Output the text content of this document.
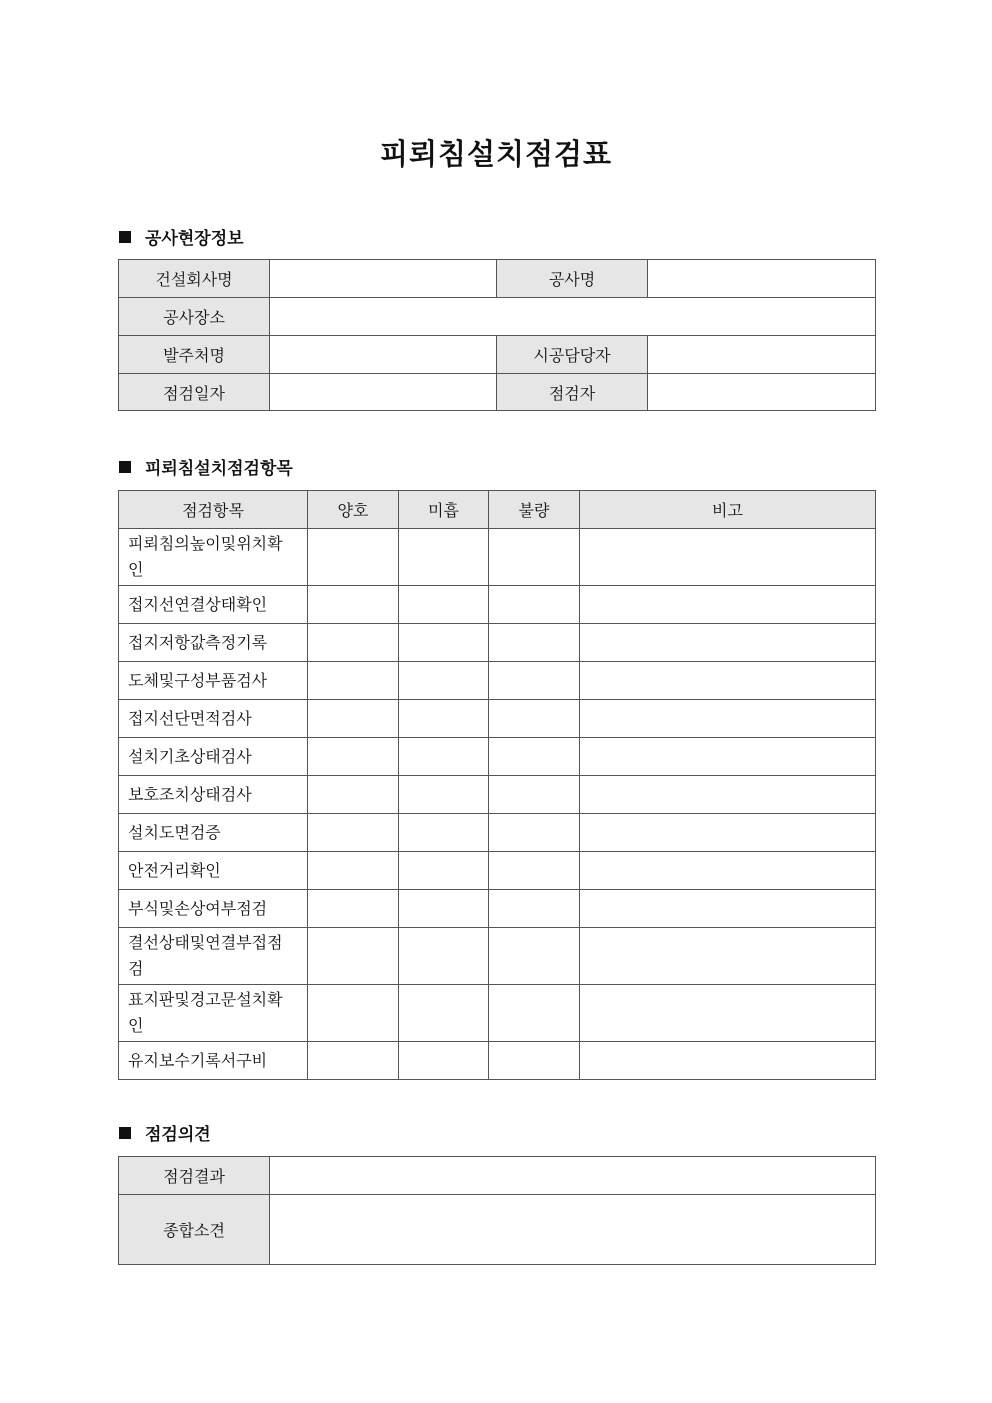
피뢰침설치점검표
공사현장정보
건설회사명		공사명	
공사장소			
발주처명		시공담당자	
점검일자		점검자	
피뢰침설치점검항목
점검항목	양호	미흡	불량	비고
피뢰침의높이및위치확인				
접지선연결상태확인				
접지저항값측정기록				
도체및구성부품검사				
접지선단면적검사				
설치기초상태검사				
보호조치상태검사				
설치도면검증				
안전거리확인				
부식및손상여부점검				
결선상태및연결부접점검				
표지판및경고문설치확인				
유지보수기록서구비				
점검의견
점검결과	
종합소견	
